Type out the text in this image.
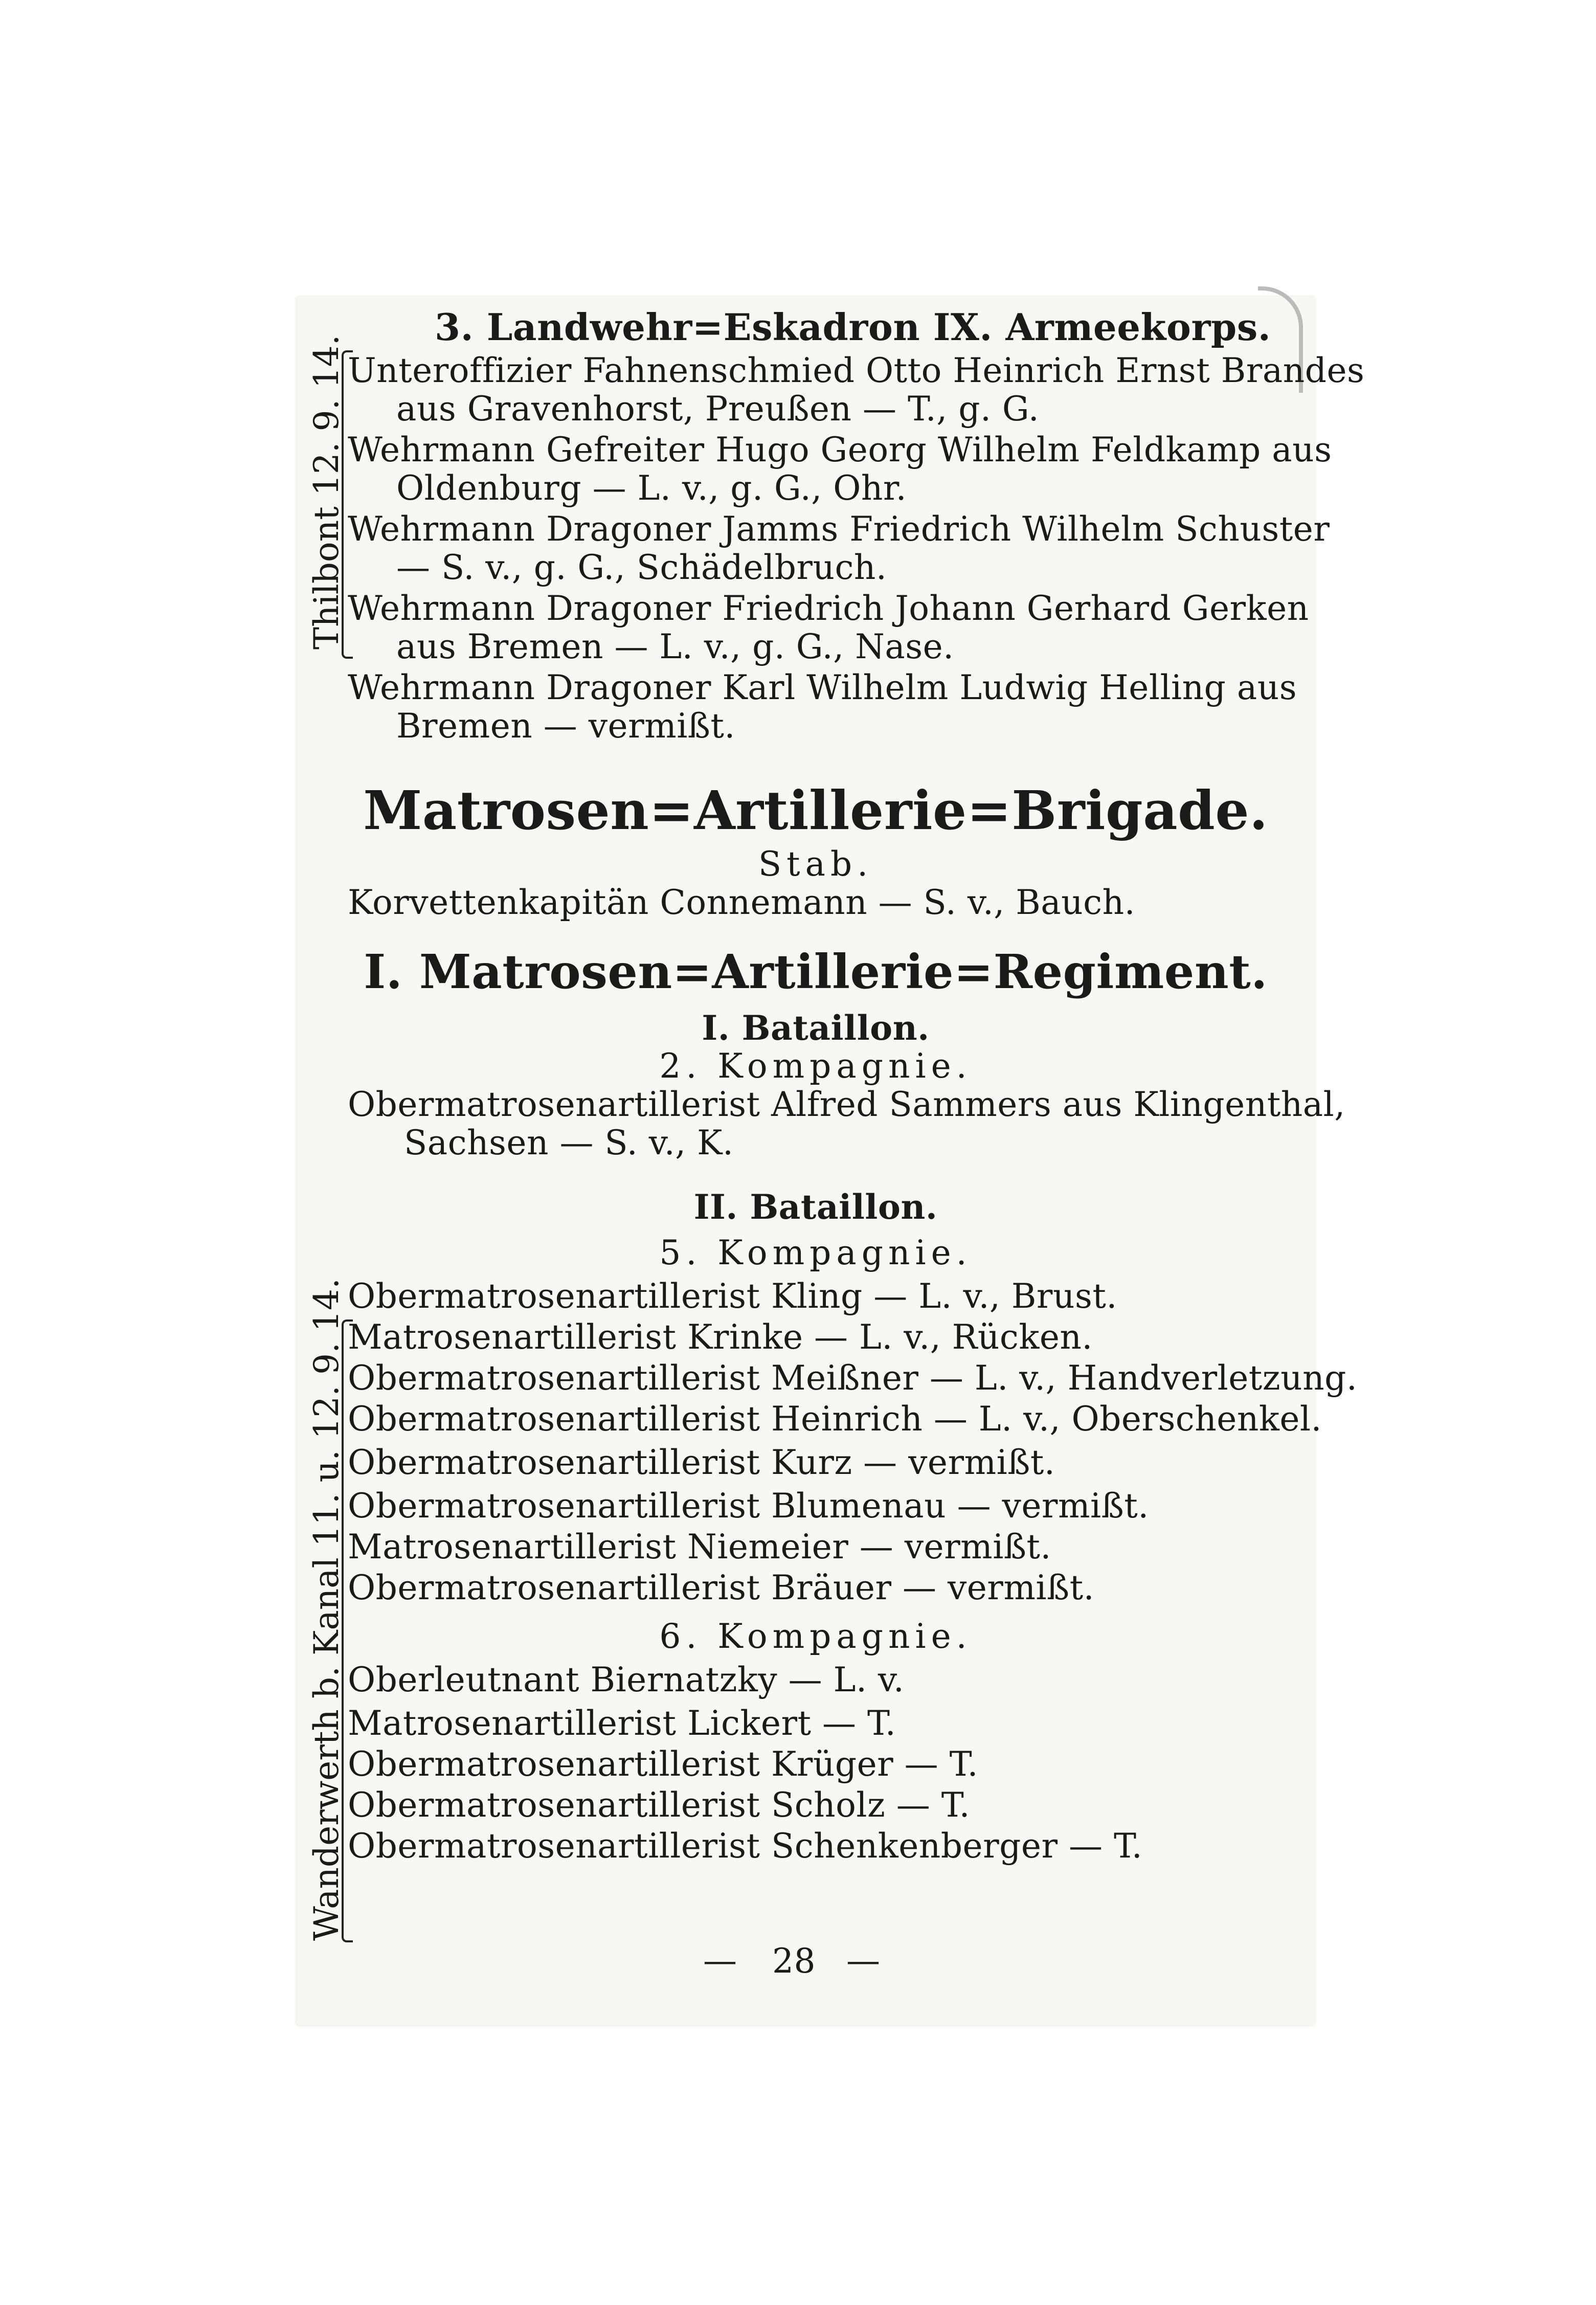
Thilbont 12. 9. 14.
Wanderwerth b. Kanal 11. u. 12. 9. 14.
3. Landwehr=Eskadron IX. Armeekorps.
Unteroffizier Fahnenschmied Otto Heinrich Ernst Brandes
aus Gravenhorst, Preußen — T., g. G.
Wehrmann Gefreiter Hugo Georg Wilhelm Feldkamp aus
Oldenburg — L. v., g. G., Ohr.
Wehrmann Dragoner Jamms Friedrich Wilhelm Schuster
— S. v., g. G., Schädelbruch.
Wehrmann Dragoner Friedrich Johann Gerhard Gerken
aus Bremen — L. v., g. G., Nase.
Wehrmann Dragoner Karl Wilhelm Ludwig Helling aus
Bremen — vermißt.
Matrosen=Artillerie=Brigade.
Stab.
Korvettenkapitän Connemann — S. v., Bauch.
I. Matrosen=Artillerie=Regiment.
I. Bataillon.
2. Kompagnie.
Obermatrosenartillerist Alfred Sammers aus Klingenthal,
Sachsen — S. v., K.
II. Bataillon.
5. Kompagnie.
Obermatrosenartillerist Kling — L. v., Brust.
Matrosenartillerist Krinke — L. v., Rücken.
Obermatrosenartillerist Meißner — L. v., Handverletzung.
Obermatrosenartillerist Heinrich — L. v., Oberschenkel.
Obermatrosenartillerist Kurz — vermißt.
Obermatrosenartillerist Blumenau — vermißt.
Matrosenartillerist Niemeier — vermißt.
Obermatrosenartillerist Bräuer — vermißt.
6. Kompagnie.
Oberleutnant Biernatzky — L. v.
Matrosenartillerist Lickert — T.
Obermatrosenartillerist Krüger — T.
Obermatrosenartillerist Scholz — T.
Obermatrosenartillerist Schenkenberger — T.
— 28 —
